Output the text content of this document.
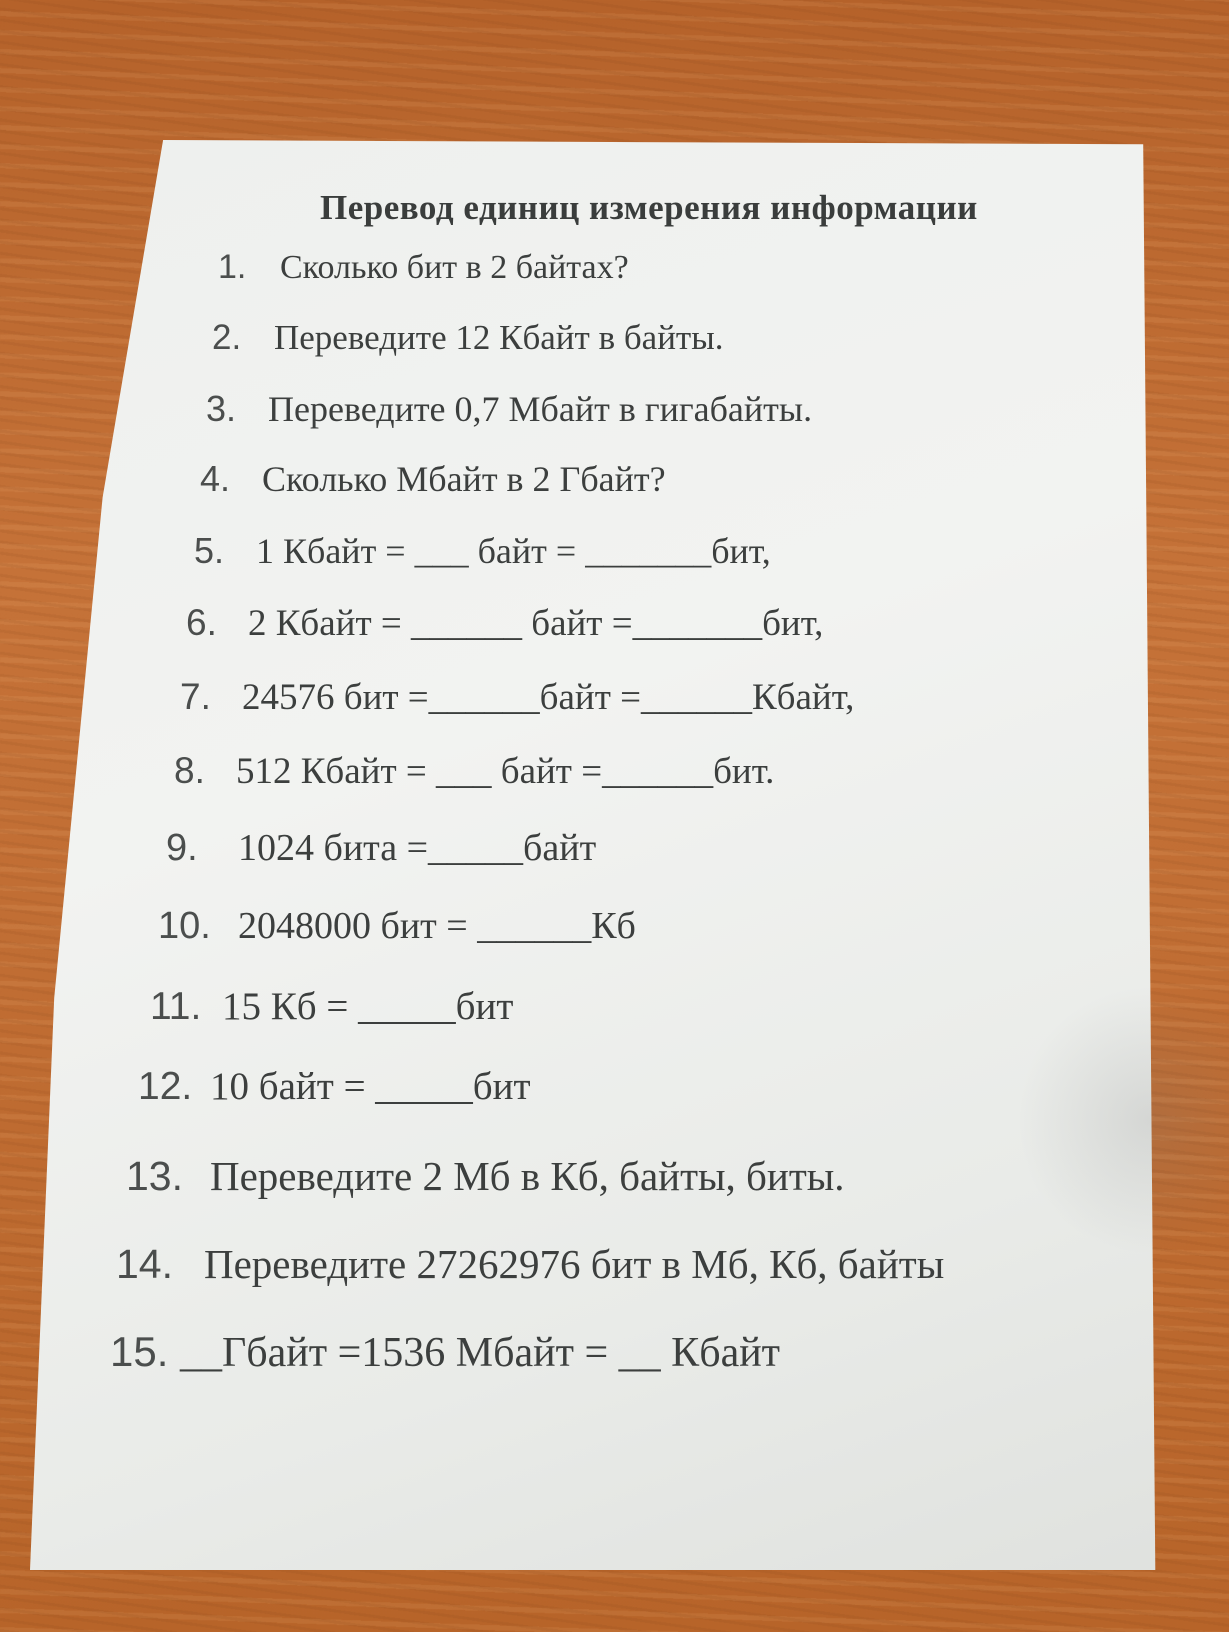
Перевод единиц измерения информации
1. Сколько бит в 2 байтах?
2. Переведите 12 Кбайт в байты.
3. Переведите 0,7 Мбайт в гигабайты.
4. Сколько Мбайт в 2 Гбайт?
5. 1 Кбайт = ___ байт = _______бит,
6. 2 Кбайт = ______ байт =_______бит,
7. 24576 бит =______байт =______Кбайт,
8. 512 Кбайт = ___ байт =______бит.
9. 1024 бита =_____байт
10. 2048000 бит = ______Кб
11. 15 Кб = _____бит
12. 10 байт = _____бит
13. Переведите 2 Мб в Кб, байты, биты.
14. Переведите 27262976 бит в Мб, Кб, байты
15. __Гбайт =1536 Мбайт = __ Кбайт
